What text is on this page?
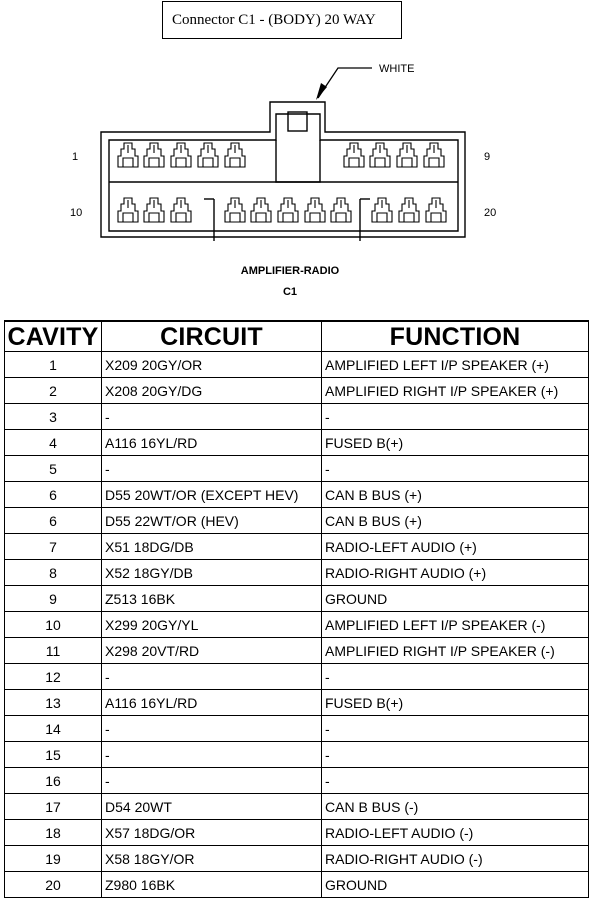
Connector C1 - (BODY) 20 WAY
WHITE
1	9
10	20
AMPLIFIER-RADIO
C1
CAVITY	CIRCUIT	FUNCTION
1	X209 20GY/OR	AMPLIFIED LEFT I/P SPEAKER (+)
2	X208 20GY/DG	AMPLIFIED RIGHT I/P SPEAKER (+)
3	-	-
4	A116 16YL/RD	FUSED B(+)
5	-	-
6	D55 20WT/OR (EXCEPT HEV)	CAN B BUS (+)
6	D55 22WT/OR (HEV)	CAN B BUS (+)
7	X51 18DG/DB	RADIO-LEFT AUDIO (+)
8	X52 18GY/DB	RADIO-RIGHT AUDIO (+)
9	Z513 16BK	GROUND
10	X299 20GY/YL	AMPLIFIED LEFT I/P SPEAKER (-)
11	X298 20VT/RD	AMPLIFIED RIGHT I/P SPEAKER (-)
12	-	-
13	A116 16YL/RD	FUSED B(+)
14	-	-
15	-	-
16	-	-
17	D54 20WT	CAN B BUS (-)
18	X57 18DG/OR	RADIO-LEFT AUDIO (-)
19	X58 18GY/OR	RADIO-RIGHT AUDIO (-)
20	Z980 16BK	GROUND
